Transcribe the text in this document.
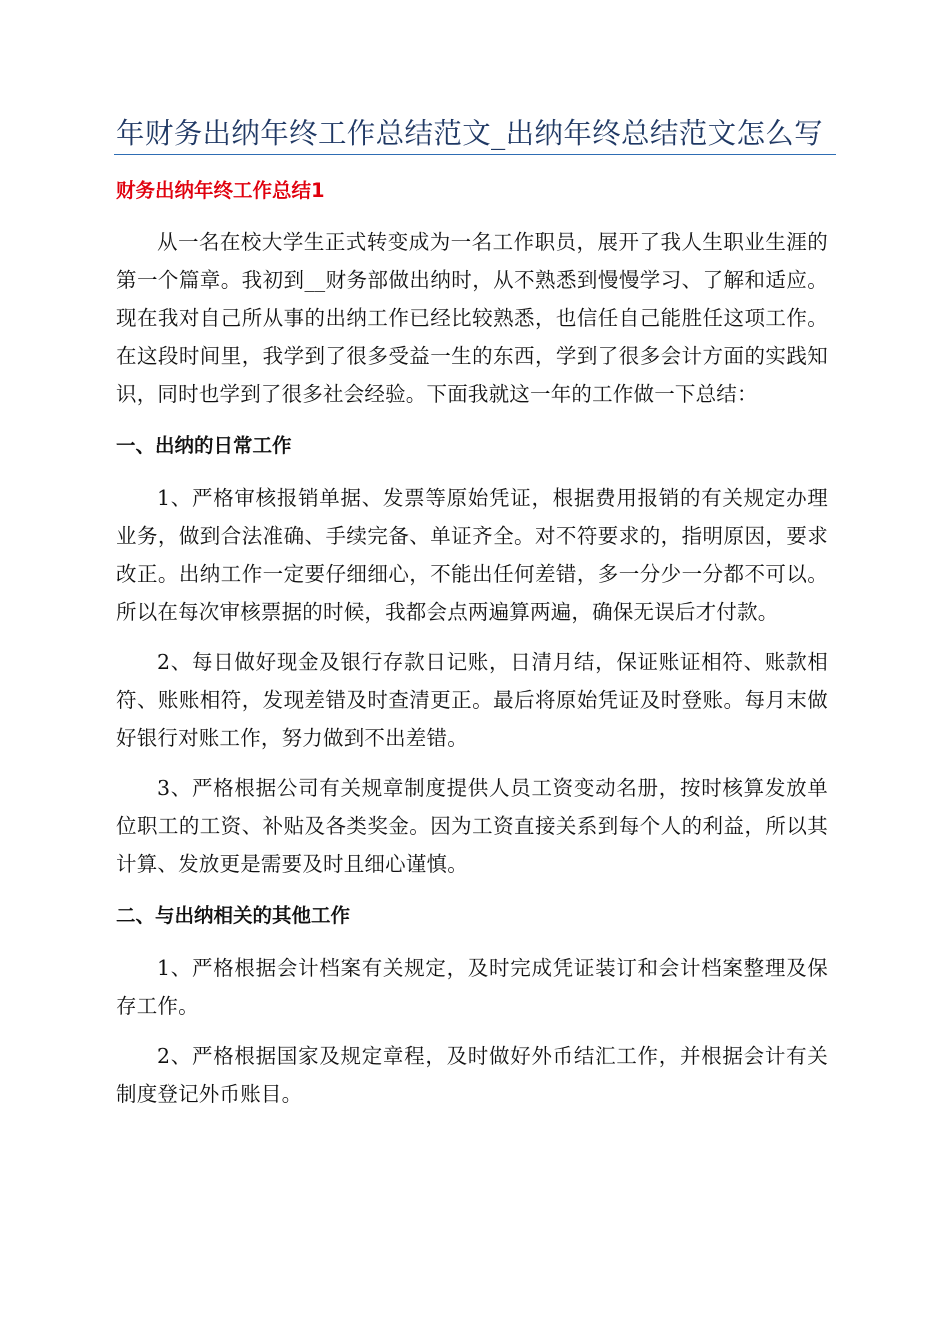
年财务出纳年终工作总结范文_出纳年终总结范文怎么写
财务出纳年终工作总结1

从一名在校大学生正式转变成为一名工作职员，展开了我人生职业生涯的第一个篇章。我初到__财务部做出纳时，从不熟悉到慢慢学习、了解和适应。现在我对自己所从事的出纳工作已经比较熟悉，也信任自己能胜任这项工作。在这段时间里，我学到了很多受益一生的东西，学到了很多会计方面的实践知识，同时也学到了很多社会经验。下面我就这一年的工作做一下总结：

一、出纳的日常工作

1、严格审核报销单据、发票等原始凭证，根据费用报销的有关规定办理业务，做到合法准确、手续完备、单证齐全。对不符要求的，指明原因，要求改正。出纳工作一定要仔细细心，不能出任何差错，多一分少一分都不可以。所以在每次审核票据的时候，我都会点两遍算两遍，确保无误后才付款。

2、每日做好现金及银行存款日记账，日清月结，保证账证相符、账款相符、账账相符，发现差错及时查清更正。最后将原始凭证及时登账。每月末做好银行对账工作，努力做到不出差错。

3、严格根据公司有关规章制度提供人员工资变动名册，按时核算发放单位职工的工资、补贴及各类奖金。因为工资直接关系到每个人的利益，所以其计算、发放更是需要及时且细心谨慎。

二、与出纳相关的其他工作

1、严格根据会计档案有关规定，及时完成凭证装订和会计档案整理及保存工作。

2、严格根据国家及规定章程，及时做好外币结汇工作，并根据会计有关制度登记外币账目。
